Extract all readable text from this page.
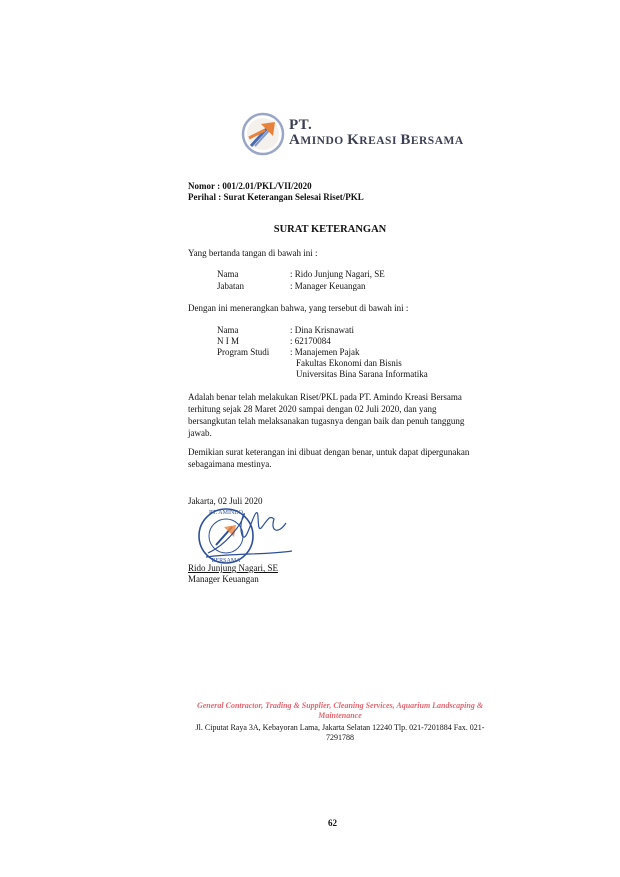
PT.
AMINDO KREASI BERSAMA
Nomor : 001/2.01/PKL/VII/2020
Perihal : Surat Keterangan Selesai Riset/PKL
SURAT KETERANGAN
Yang bertanda tangan di bawah ini :
Nama	: Rido Junjung Nagari, SE
Jabatan	: Manager Keuangan
Dengan ini menerangkan bahwa, yang tersebut di bawah ini :
Nama	: Dina Krisnawati
N I M	: 62170084
Program Studi : Manajemen Pajak
Fakultas Ekonomi dan Bisnis
Universitas Bina Sarana Informatika
Adalah benar telah melakukan Riset/PKL pada PT. Amindo Kreasi Bersama
terhitung sejak 28 Maret 2020 sampai dengan 02 Juli 2020, dan yang
bersangkutan telah melaksanakan tugasnya dengan baik dan penuh tanggung
jawab.
Demikian surat keterangan ini dibuat dengan benar, untuk dapat dipergunakan
sebagaimana mestinya.
Jakarta, 02 Juli 2020
PT. AMINDO
BERSAMA
Rido Junjung Nagari, SE
Manager Keuangan
General Contractor, Trading & Supplier, Cleaning Services, Aquarium Landscaping &
Maintenance
Jl. Ciputat Raya 3A, Kebayoran Lama, Jakarta Selatan 12240 Tlp. 021-7201884 Fax. 021-
7291788
62
